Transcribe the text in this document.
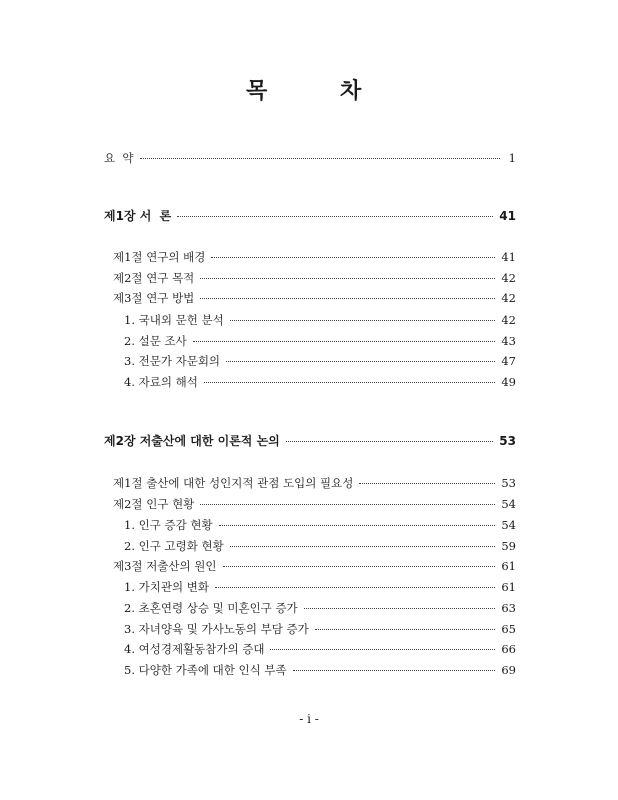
목	차
요  약	1
제1장 서  론	41
제1절 연구의 배경	41
제2절 연구 목적	42
제3절 연구 방법	42
1. 국내외 문헌 분석	42
2. 설문 조사	43
3. 전문가 자문회의	47
4. 자료의 해석	49
제2장 저출산에 대한 이론적 논의	53
제1절 출산에 대한 성인지적 관점 도입의 필요성	53
제2절 인구 현황	54
1. 인구 증감 현황	54
2. 인구 고령화 현황	59
제3절 저출산의 원인	61
1. 가치관의 변화	61
2. 초혼연령 상승 및 미혼인구 증가	63
3. 자녀양육 및 가사노동의 부담 증가	65
4. 여성경제활동참가의 증대	66
5. 다양한 가족에 대한 인식 부족	69
- i -
